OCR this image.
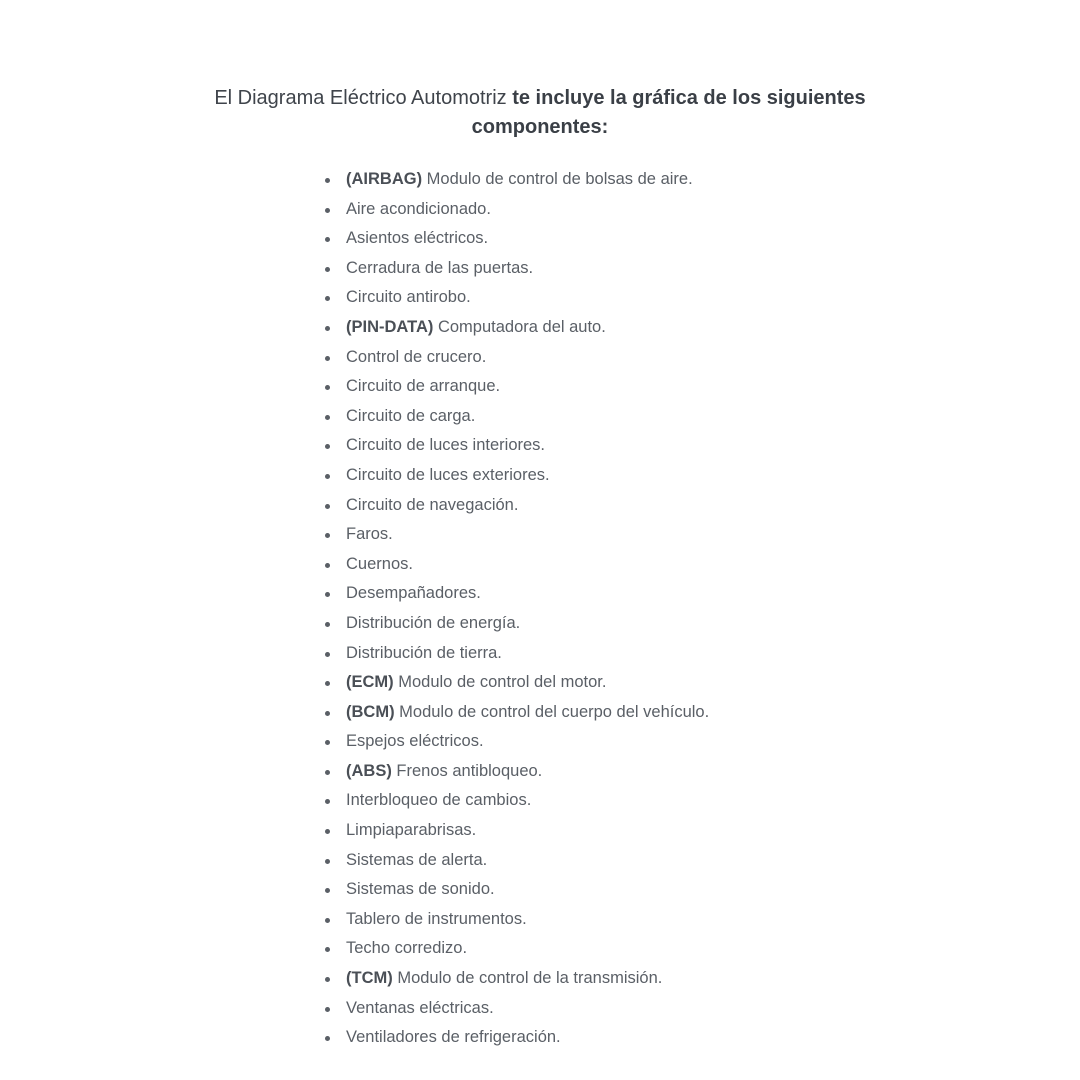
El Diagrama Eléctrico Automotriz te incluye la gráfica de los siguientes componentes:

(AIRBAG) Modulo de control de bolsas de aire.
Aire acondicionado.
Asientos eléctricos.
Cerradura de las puertas.
Circuito antirobo.
(PIN-DATA) Computadora del auto.
Control de crucero.
Circuito de arranque.
Circuito de carga.
Circuito de luces interiores.
Circuito de luces exteriores.
Circuito de navegación.
Faros.
Cuernos.
Desempañadores.
Distribución de energía.
Distribución de tierra.
(ECM) Modulo de control del motor.
(BCM) Modulo de control del cuerpo del vehículo.
Espejos eléctricos.
(ABS) Frenos antibloqueo.
Interbloqueo de cambios.
Limpiaparabrisas.
Sistemas de alerta.
Sistemas de sonido.
Tablero de instrumentos.
Techo corredizo.
(TCM) Modulo de control de la transmisión.
Ventanas eléctricas.
Ventiladores de refrigeración.
